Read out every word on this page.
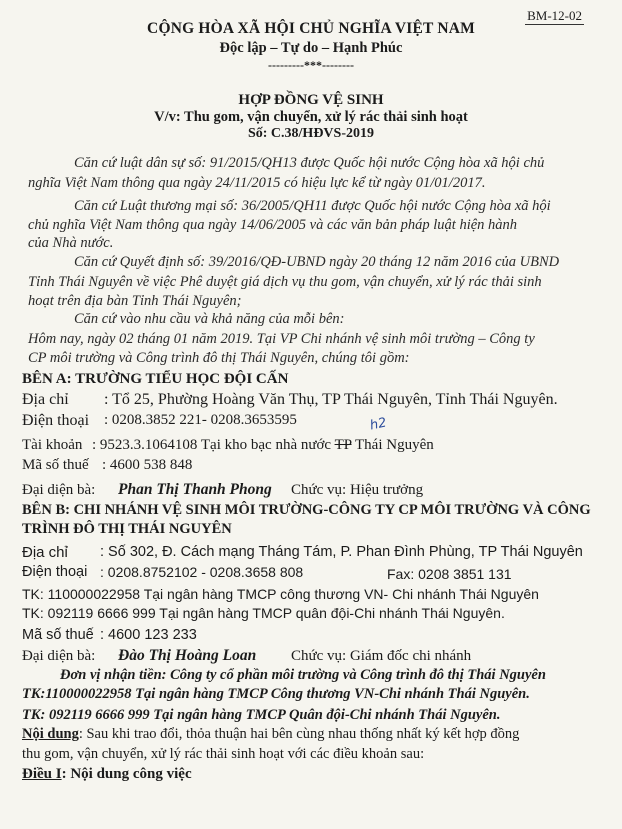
BM-12-02
CỘNG HÒA XÃ HỘI CHỦ NGHĨA VIỆT NAM
Độc lập – Tự do – Hạnh Phúc
---------***--------
HỢP ĐỒNG VỆ SINH
V/v: Thu gom, vận chuyển, xử lý rác thải sinh hoạt
Số: C.38/HĐVS-2019
Căn cứ luật dân sự số: 91/2015/QH13 được Quốc hội nước Cộng hòa xã hội chủ
nghĩa Việt Nam thông qua ngày 24/11/2015 có hiệu lực kể từ ngày 01/01/2017.
Căn cứ Luật thương mại số: 36/2005/QH11 được Quốc hội nước Cộng hòa xã hội
chủ nghĩa Việt Nam thông qua ngày 14/06/2005 và các văn bản pháp luật hiện hành
của Nhà nước.
Căn cứ Quyết định số: 39/2016/QĐ-UBND ngày 20 tháng 12 năm 2016 của UBND
Tỉnh Thái Nguyên về việc Phê duyệt giá dịch vụ thu gom, vận chuyển, xử lý rác thải sinh
hoạt trên địa bàn Tỉnh Thái Nguyên;
Căn cứ vào nhu cầu và khả năng của mỗi bên:
Hôm nay, ngày 02 tháng 01 năm 2019. Tại VP Chi nhánh vệ sinh môi trường – Công ty
CP môi trường và Công trình đô thị Thái Nguyên, chúng tôi gồm:
BÊN A: TRƯỜNG TIỂU HỌC ĐỘI CẤN
Địa chỉ : Tổ 25, Phường Hoàng Văn Thụ, TP Thái Nguyên, Tỉnh Thái Nguyên.
Điện thoại : 0208.3852 221- 0208.3653595
Tài khoản : 9523.3.1064108 Tại kho bạc nhà nước TP Thái Nguyên
h2
Mã số thuế : 4600 538 848
Đại diện bà: Phan Thị Thanh Phong Chức vụ: Hiệu trưởng
BÊN B: CHI NHÁNH VỆ SINH MÔI TRƯỜNG-CÔNG TY CP MÔI TRƯỜNG VÀ CÔNG
TRÌNH ĐÔ THỊ THÁI NGUYÊN
Địa chỉ : Số 302, Đ. Cách mạng Tháng Tám, P. Phan Đình Phùng, TP Thái Nguyên
Điện thoại : 0208.8752102 - 0208.3658 808	Fax: 0208 3851 131
TK: 110000022958 Tại ngân hàng TMCP công thương VN- Chi nhánh Thái Nguyên
TK: 092119 6666 999 Tại ngân hàng TMCP quân đội-Chi nhánh Thái Nguyên.
Mã số thuế : 4600 123 233
Đại diện bà: Đào Thị Hoàng Loan Chức vụ: Giám đốc chi nhánh
Đơn vị nhận tiền: Công ty cổ phần môi trường và Công trình đô thị Thái Nguyên
TK:110000022958 Tại ngân hàng TMCP Công thương VN-Chi nhánh Thái Nguyên.
TK: 092119 6666 999 Tại ngân hàng TMCP Quân đội-Chi nhánh Thái Nguyên.
Nội dung: Sau khi trao đổi, thỏa thuận hai bên cùng nhau thống nhất ký kết hợp đồng
thu gom, vận chuyển, xử lý rác thải sinh hoạt với các điều khoản sau:
Điều I: Nội dung công việc
